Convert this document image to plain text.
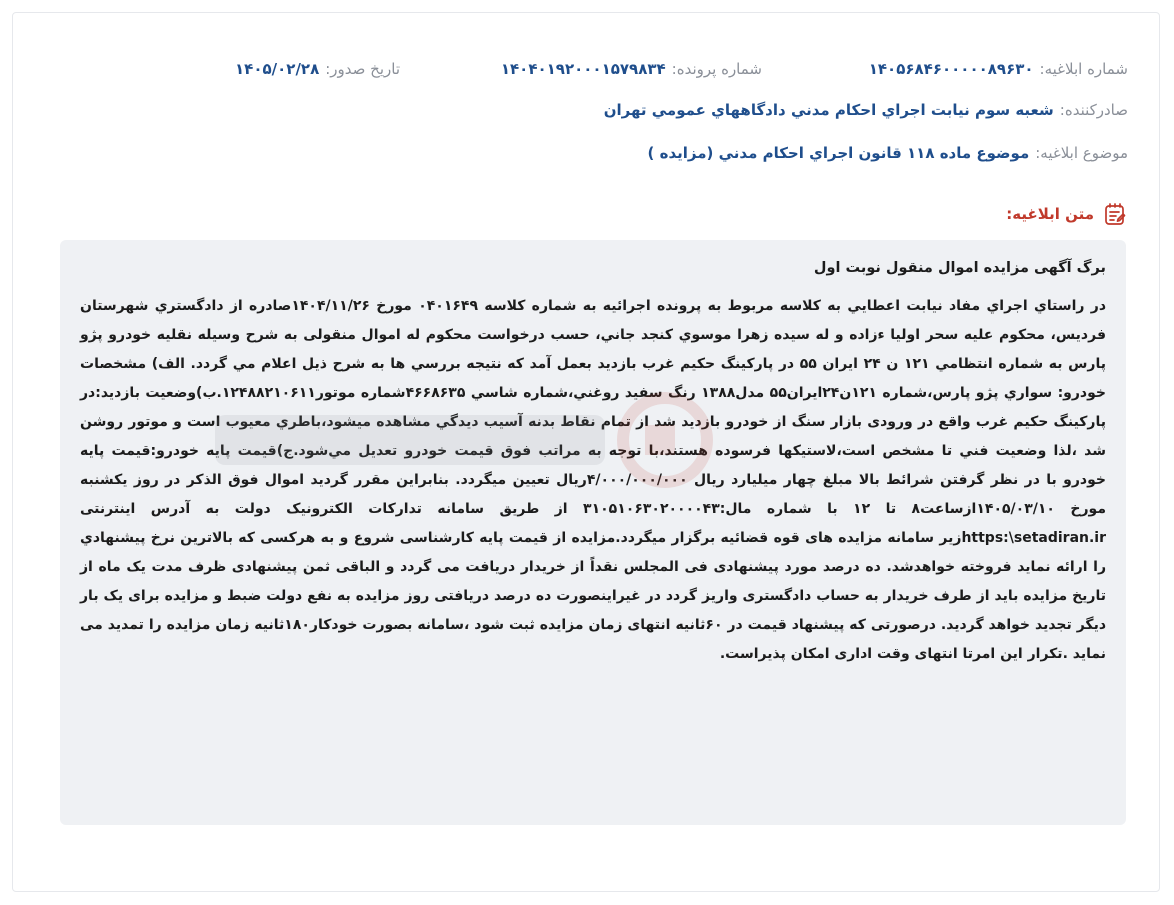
شماره ابلاغيه:
۱۴۰۵۶۸۴۶۰۰۰۰۰۸۹۶۳۰
شماره پرونده:
۱۴۰۴۰۱۹۲۰۰۰۱۵۷۹۸۳۴
تاريخ صدور:
۱۴۰۵/۰۲/۲۸
صادرکننده:
شعبه سوم نيابت اجراي احکام مدني دادگاههاي عمومي تهران
موضوع ابلاغيه:
موضوع ماده ۱۱۸ قانون اجراي احکام مدني (مزايده )
متن ابلاغيه:
برگ آگهی مزایده اموال منقول نوبت اول
در راستاي اجراي مفاد نيابت اعطايي به کلاسه مربوط به پرونده اجرائيه به شماره کلاسه ۰۴۰۱۶۴۹ مورخ ۱۴۰۴/۱۱/۲۶صادره از دادگستري شهرستان فرديس، محکوم عليه سحر اوليا ءزاده و له سيده زهرا موسوي کنجد جاني، حسب درخواست محکوم له اموال منقولی به شرح وسيله نقليه خودرو پژو پارس به شماره انتظامي ۱۲۱ ن ۲۴ ايران ۵۵ در پارکينگ حکيم غرب بازديد بعمل آمد که نتيجه بررسي ها به شرح ذيل اعلام مي گردد. الف) مشخصات خودرو: سواري پژو پارس،شماره ۱۲۱ن۲۴ايران۵۵ مدل۱۳۸۸ رنگ سفيد روغني،شماره شاسي ۴۶۶۸۶۳۵شماره موتور۱۲۴۸۸۲۱۰۶۱۱.ب)وضعيت بازديد:در پارکينگ حکيم غرب واقع در ورودی بازار سنگ از خودرو بازديد شد از تمام نقاط بدنه آسيب ديدگي مشاهده ميشود،باطري معيوب است و موتور روشن شد ،لذا وضعيت فني تا مشخص است،لاستيکها فرسوده هستند،با توجه به مراتب فوق قيمت خودرو تعديل مي‌شود.ج)قيمت پايه خودرو:قيمت پايه خودرو با در نظر گرفتن شرائط بالا مبلغ چهار ميليارد ريال ۴/۰۰۰/۰۰۰/۰۰۰ريال تعيين ميگردد. بنابراين مقرر گرديد اموال فوق الذکر در روز يکشنبه مورخ ۱۴۰۵/۰۳/۱۰ازساعت۸ تا ۱۲ با شماره مال:۳۱۰۵۱۰۶۳۰۲۰۰۰۰۴۳ از طريق سامانه تدارکات الکترونيک دولت به آدرس اينترنتی https:\setadiran.irزير سامانه مزايده های قوه قضائيه برگزار ميگردد.مزايده از قيمت پايه کارشناسی شروع و به هرکسی که بالاترين نرخ پيشنهادي را ارائه نمايد فروخته خواهدشد. ده درصد مورد پيشنهادی فی المجلس نقداً از خريدار دريافت می گردد و الباقی ثمن پيشنهادی ظرف مدت يک ماه از تاريخ مزايده بايد از طرف خريدار به حساب دادگستری واريز گردد در غيراينصورت ده درصد دريافتی روز مزايده به نفع دولت ضبط و مزايده برای يک بار ديگر تجديد خواهد گرديد. درصورتی که پيشنهاد قيمت در ۶۰ثانيه انتهای زمان مزايده ثبت شود ،سامانه بصورت خودکار۱۸۰ثانيه زمان مزايده را تمديد می نمايد .تکرار اين امرتا انتهای وقت اداری امکان پذيراست.
